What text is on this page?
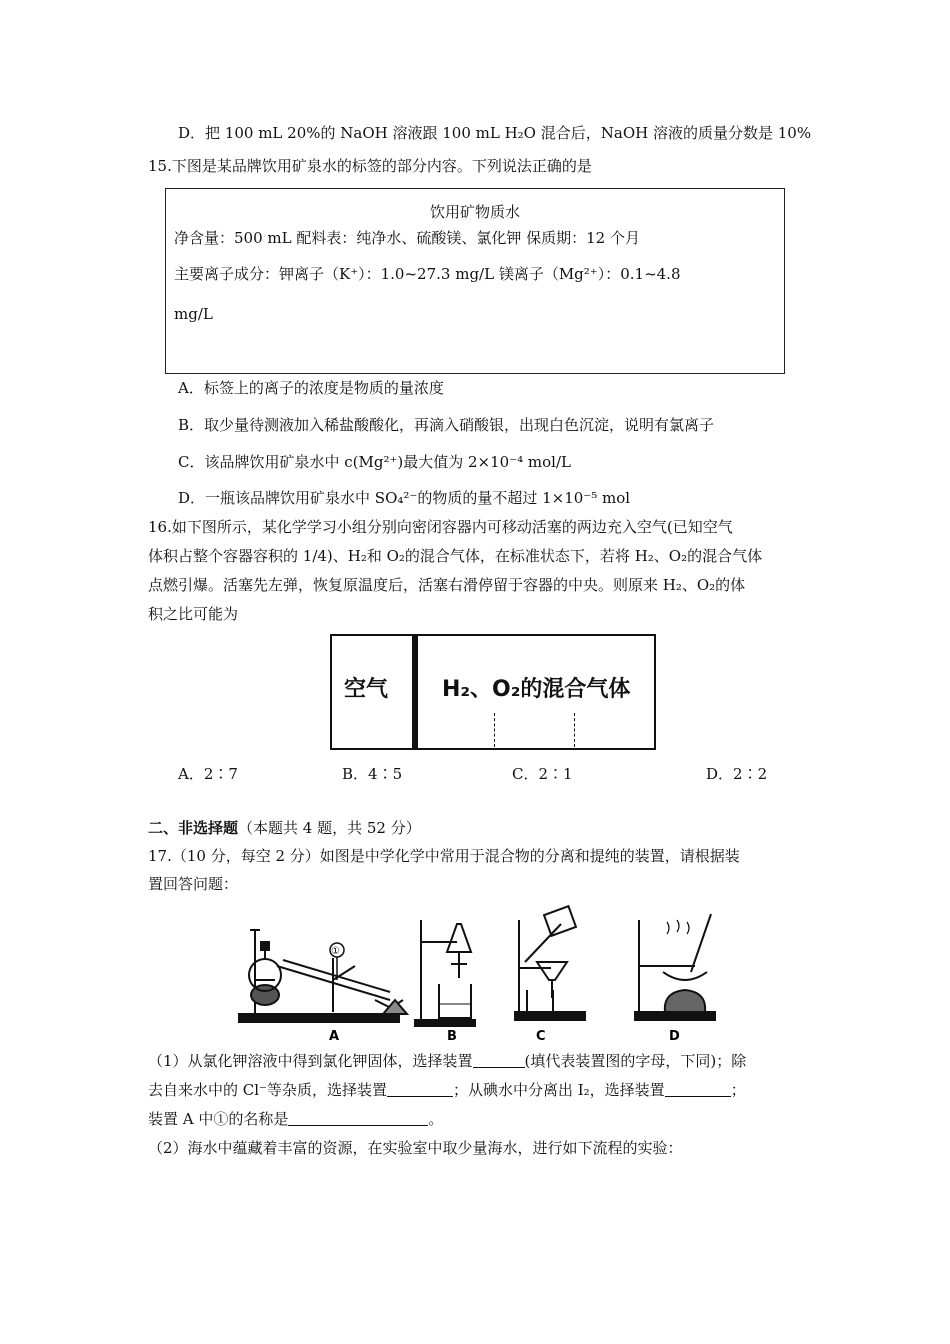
D．把 100 mL 20%的 NaOH 溶液跟 100 mL H₂O 混合后，NaOH 溶液的质量分数是 10%
15.下图是某品牌饮用矿泉水的标签的部分内容。下列说法正确的是
饮用矿物质水
净含量：500 mL 配料表：纯净水、硫酸镁、氯化钾 保质期：12 个月
主要离子成分：钾离子（K⁺）：1.0~27.3 mg/L 镁离子（Mg²⁺）：0.1~4.8
mg/L
A．标签上的离子的浓度是物质的量浓度
B．取少量待测液加入稀盐酸酸化，再滴入硝酸银，出现白色沉淀，说明有氯离子
C．该品牌饮用矿泉水中 c(Mg²⁺)最大值为 2×10⁻⁴ mol/L
D．一瓶该品牌饮用矿泉水中 SO₄²⁻的物质的量不超过 1×10⁻⁵ mol
16.如下图所示，某化学学习小组分别向密闭容器内可移动活塞的两边充入空气(已知空气
体积占整个容器容积的 1/4)、H₂和 O₂的混合气体，在标准状态下，若将 H₂、O₂的混合气体
点燃引爆。活塞先左弹，恢复原温度后，活塞右滑停留于容器的中央。则原来 H₂、O₂的体
积之比可能为
空气 H₂、O₂的混合气体
A．2∶7	B．4∶5	C．2∶1	D．2∶2
二、非选择题（本题共 4 题，共 52 分）
17.（10 分，每空 2 分）如图是中学化学中常用于混合物的分离和提纯的装置，请根据装
置回答问题：
A	B	C	D
①
（1）从氯化钾溶液中得到氯化钾固体，选择装置	(填代表装置图的字母，下同)；除
去自来水中的 Cl⁻等杂质，选择装置	；从碘水中分离出 I₂，选择装置	；
装置 A 中①的名称是	。
（2）海水中蕴藏着丰富的资源，在实验室中取少量海水，进行如下流程的实验：
